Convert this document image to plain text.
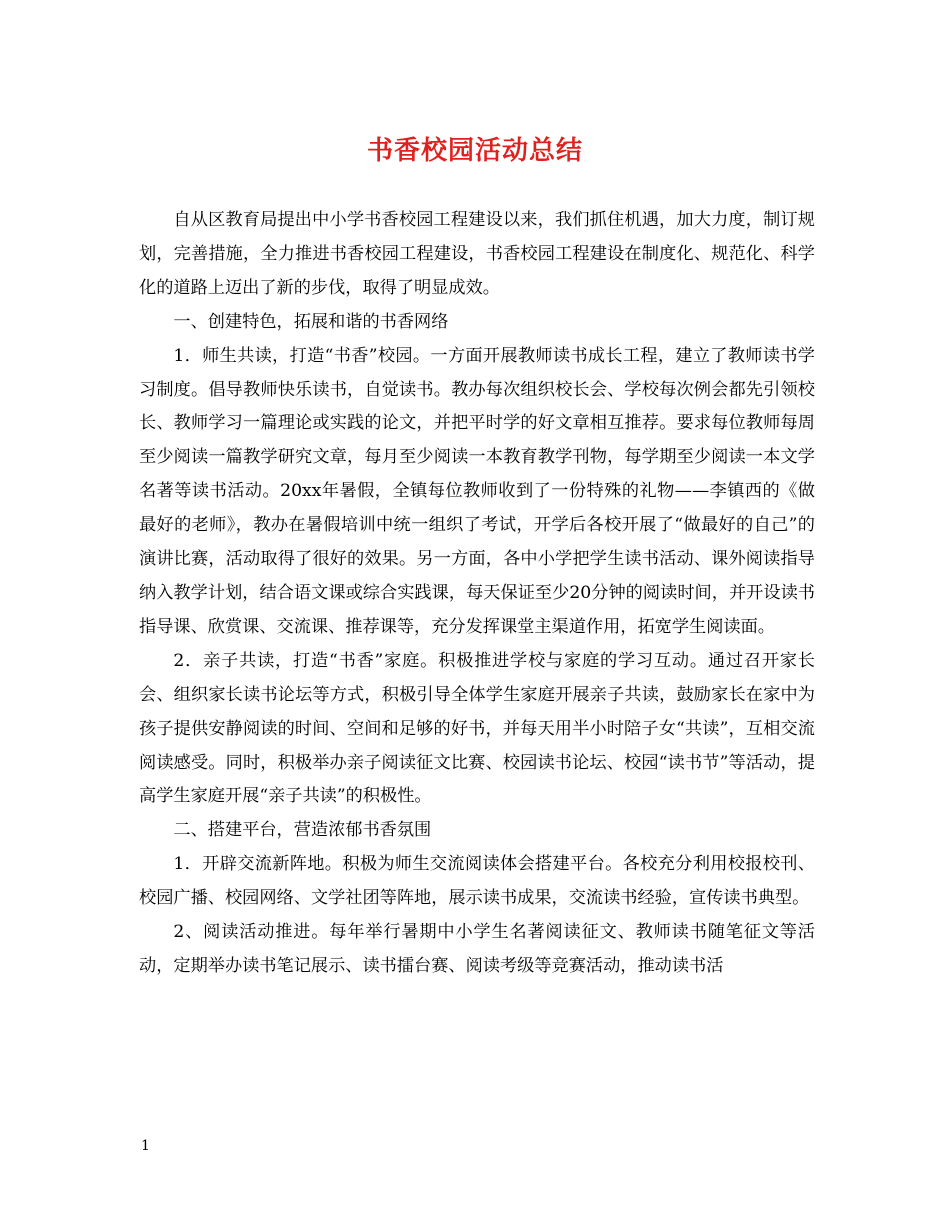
书香校园活动总结

自从区教育局提出中小学书香校园工程建设以来，我们抓住机遇，加大力度，制订规划，完善措施，全力推进书香校园工程建设，书香校园工程建设在制度化、规范化、科学化的道路上迈出了新的步伐，取得了明显成效。

一、创建特色，拓展和谐的书香网络

1．师生共读，打造“书香”校园。一方面开展教师读书成长工程，建立了教师读书学习制度。倡导教师快乐读书，自觉读书。教办每次组织校长会、学校每次例会都先引领校长、教师学习一篇理论或实践的论文，并把平时学的好文章相互推荐。要求每位教师每周至少阅读一篇教学研究文章，每月至少阅读一本教育教学刊物，每学期至少阅读一本文学名著等读书活动。20xx年暑假，全镇每位教师收到了一份特殊的礼物——李镇西的《做最好的老师》，教办在暑假培训中统一组织了考试，开学后各校开展了“做最好的自己”的演讲比赛，活动取得了很好的效果。另一方面，各中小学把学生读书活动、课外阅读指导纳入教学计划，结合语文课或综合实践课，每天保证至少20分钟的阅读时间，并开设读书指导课、欣赏课、交流课、推荐课等，充分发挥课堂主渠道作用，拓宽学生阅读面。

2．亲子共读，打造“书香”家庭。积极推进学校与家庭的学习互动。通过召开家长会、组织家长读书论坛等方式，积极引导全体学生家庭开展亲子共读，鼓励家长在家中为孩子提供安静阅读的时间、空间和足够的好书，并每天用半小时陪子女“共读”，互相交流阅读感受。同时，积极举办亲子阅读征文比赛、校园读书论坛、校园“读书节”等活动，提高学生家庭开展“亲子共读”的积极性。

二、搭建平台，营造浓郁书香氛围

1．开辟交流新阵地。积极为师生交流阅读体会搭建平台。各校充分利用校报校刊、校园广播、校园网络、文学社团等阵地，展示读书成果，交流读书经验，宣传读书典型。

2、阅读活动推进。每年举行暑期中小学生名著阅读征文、教师读书随笔征文等活动，定期举办读书笔记展示、读书擂台赛、阅读考级等竞赛活动，推动读书活

1
